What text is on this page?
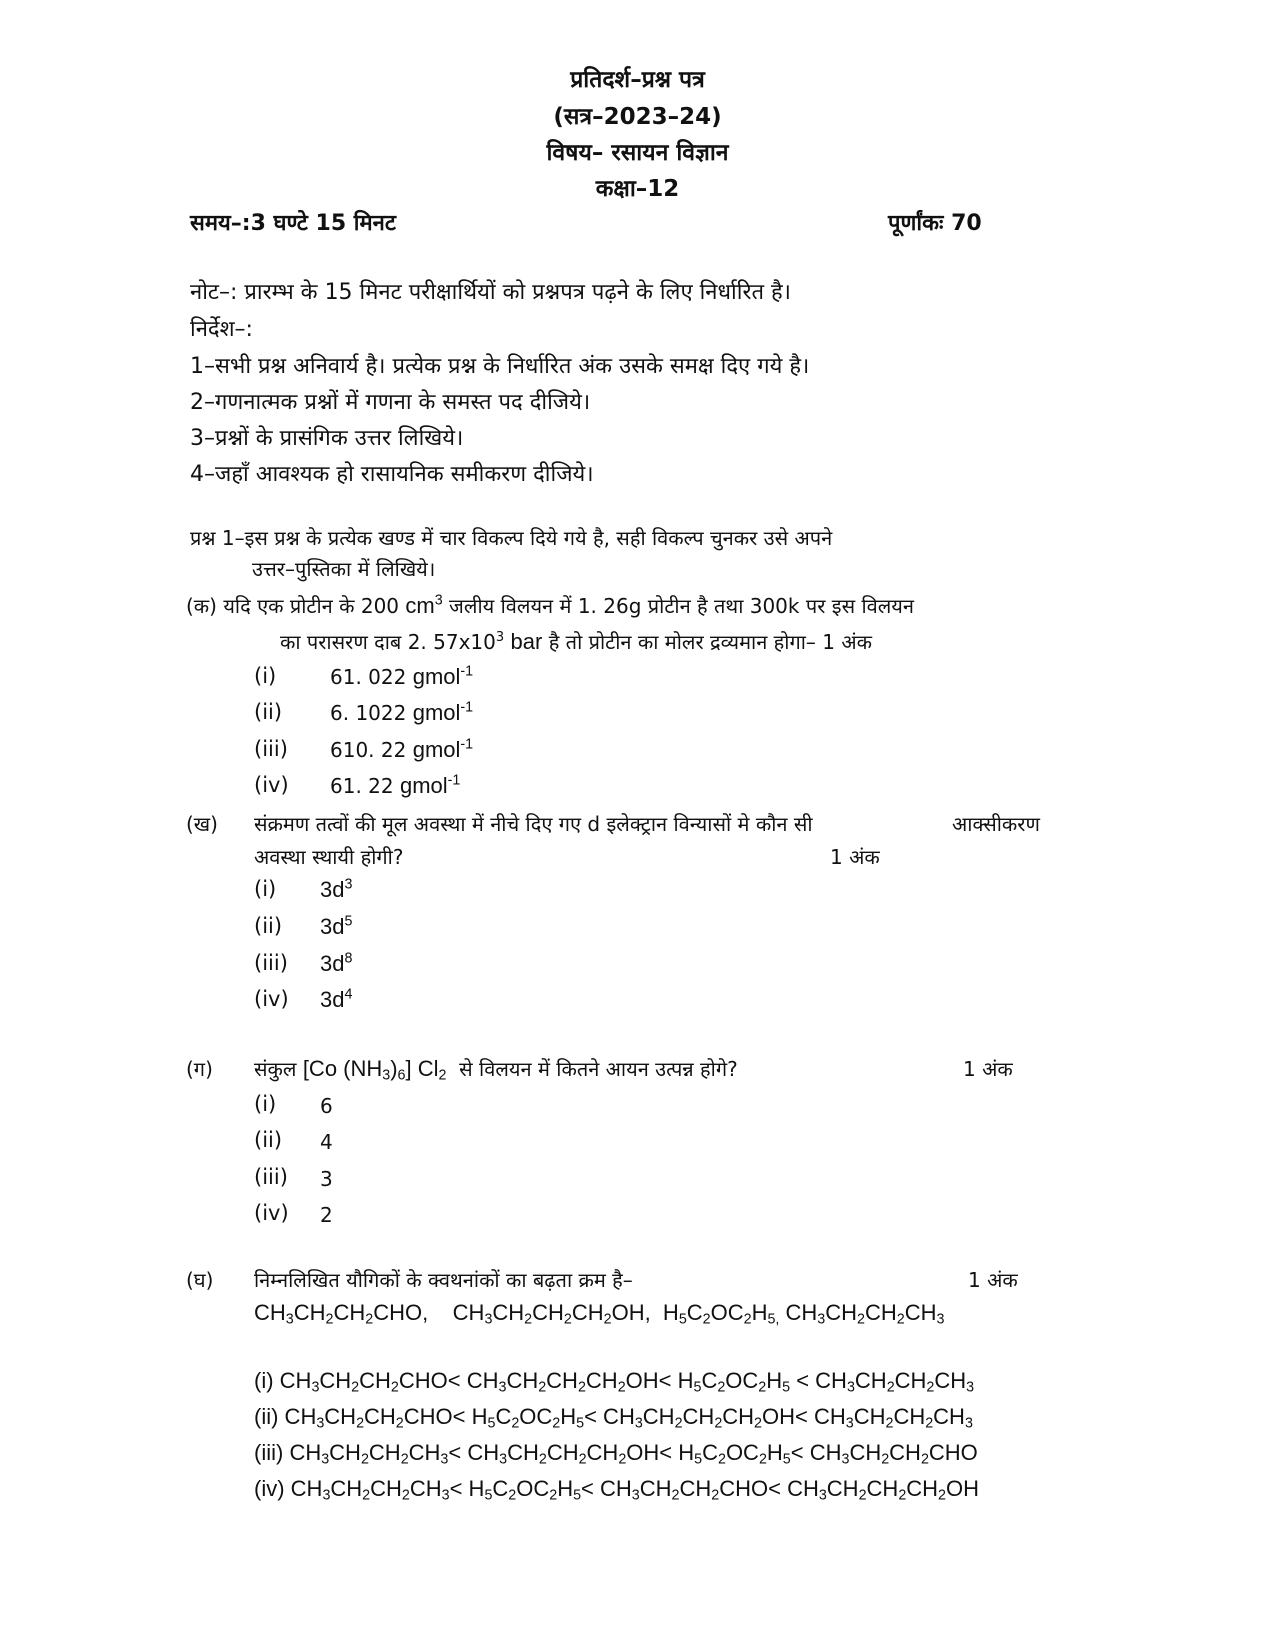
प्रतिदर्श–प्रश्न पत्र
(सत्र–2023–24)
विषय– रसायन विज्ञान
कक्षा–12
समय–:3 घण्टे 15 मिनट	पूर्णांकः 70
नोट–: प्रारम्भ के 15 मिनट परीक्षार्थियों को प्रश्नपत्र पढ़ने के लिए निर्धारित है।
निर्देश–:
1–सभी प्रश्न अनिवार्य है। प्रत्येक प्रश्न के निर्धारित अंक उसके समक्ष दिए गये है।
2–गणनात्मक प्रश्नों में गणना के समस्त पद दीजिये।
3–प्रश्नों के प्रासंगिक उत्तर लिखिये।
4–जहाँ आवश्यक हो रासायनिक समीकरण दीजिये।
प्रश्न 1–इस प्रश्न के प्रत्येक खण्ड में चार विकल्प दिये गये है, सही विकल्प चुनकर उसे अपने
उत्तर–पुस्तिका में लिखिये।
(क) यदि एक प्रोटीन के 200 $cm^3$ जलीय विलयन में 1. 26g प्रोटीन है तथा 300k पर इस विलयन
का परासरण दाब 2. $57x10^3$ bar है तो प्रोटीन का मोलर द्रव्यमान होगा– 1 अंक
(i)	61. 022 gmol$^{-1}$
(ii) 6. 1022 gmol$^{-1}$
(iii) 610. 22 gmol$^{-1}$
(iv) 61. 22 gmol$^{-1}$
(ख) संक्रमण तत्वों की मूल अवस्था में नीचे दिए गए d इलेक्ट्रान विन्यासों मे कौन सी	आक्सीकरण
अवस्था स्थायी होगी?	1 अंक
(i) $3d^3$
(ii) $3d^5$
(iii) $3d^8$
(iv) $3d^4$
(ग) संकुल [Co $(NH_3)_6$] $Cl_2$ से विलयन में कितने आयन उत्पन्न होगे?	1 अंक
(i) 6
(ii) 4
(iii) 3
(iv) 2
(घ) निम्नलिखित यौगिकों के क्वथनांकों का बढ़ता क्रम है–	1 अंक
$CH_3CH_2CH_2CHO$,    $CH_3CH_2CH_2CH_2OH$,  $H_5C_2OC_2H_{5,}$ $CH_3CH_2CH_2CH_3$
(i) $CH_3CH_2CH_2CHO< CH_3CH_2CH_2CH_2OH< H_5C_2OC_2H_5 < CH_3CH_2CH_2CH_3$
(ii) $CH_3CH_2CH_2CHO< H_5C_2OC_2H_5< CH_3CH_2CH_2CH_2OH< CH_3CH_2CH_2CH_3$
(iii) $CH_3CH_2CH_2CH_3< CH_3CH_2CH_2CH_2OH< H_5C_2OC_2H_5< CH_3CH_2CH_2CHO$
(iv) $CH_3CH_2CH_2CH_3< H_5C_2OC_2H_5< CH_3CH_2CH_2CHO< CH_3CH_2CH_2CH_2OH$
